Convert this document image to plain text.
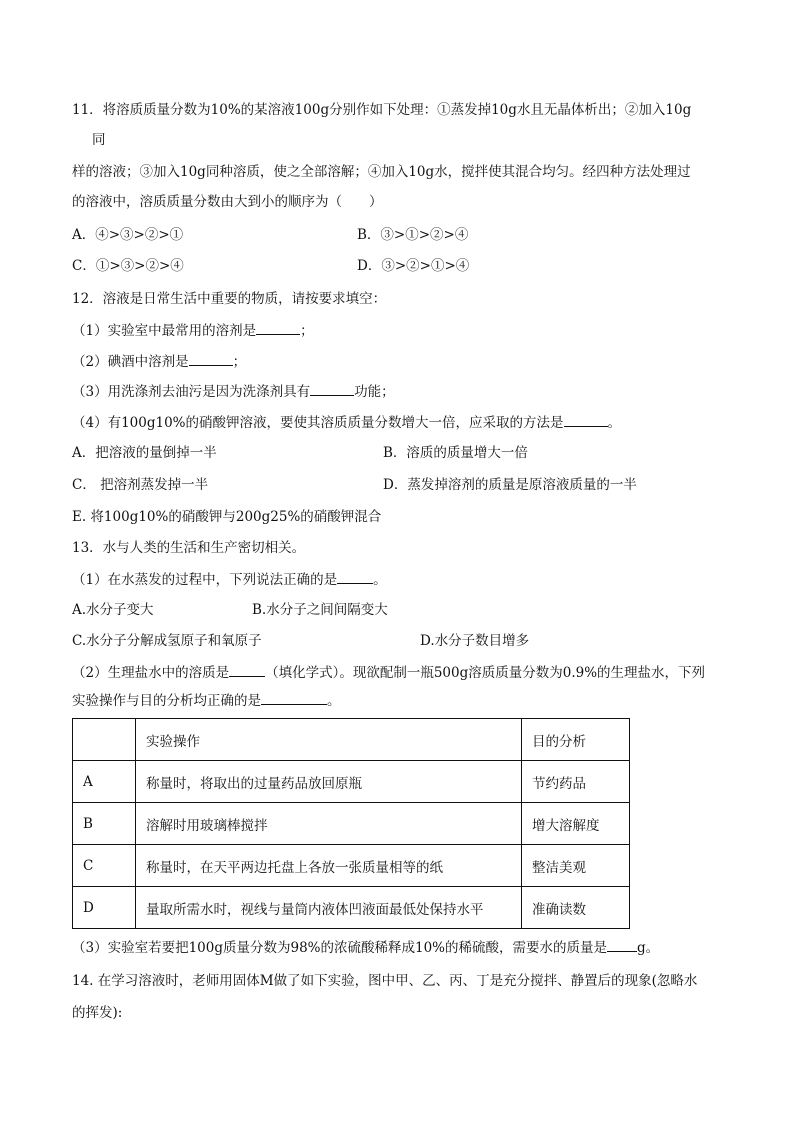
11．将溶质质量分数为10%的某溶液100g分别作如下处理：①蒸发掉10g水且无晶体析出；②加入10g
同
样的溶液；③加入10g同种溶质，使之全部溶解；④加入10g水，搅拌使其混合均匀。经四种方法处理过
的溶液中，溶质质量分数由大到小的顺序为（　　）
A．④>③>②>①	B．③>①>②>④
C．①>③>②>④	D．③>②>①>④
12．溶液是日常生活中重要的物质，请按要求填空：
（1）实验室中最常用的溶剂是	；
（2）碘酒中溶剂是	；
（3）用洗涤剂去油污是因为洗涤剂具有	功能；
（4）有100g10%的硝酸钾溶液，要使其溶质质量分数增大一倍，应采取的方法是	。
A．把溶液的量倒掉一半	B．溶质的质量增大一倍
C． 把溶剂蒸发掉一半	D．蒸发掉溶剂的质量是原溶液质量的一半
E. 将100g10%的硝酸钾与200g25%的硝酸钾混合
13．水与人类的生活和生产密切相关。
（1）在水蒸发的过程中，下列说法正确的是	。
A.水分子变大	B.水分子之间间隔变大
C.水分子分解成氢原子和氧原子	D.水分子数目增多
（2）生理盐水中的溶质是	（填化学式）。现欲配制一瓶500g溶质质量分数为0.9%的生理盐水，下列
实验操作与目的分析均正确的是	。
	实验操作	目的分析
A	称量时，将取出的过量药品放回原瓶	节约药品
B	溶解时用玻璃棒搅拌	增大溶解度
C	称量时，在天平两边托盘上各放一张质量相等的纸	整洁美观
D	量取所需水时，视线与量筒内液体凹液面最低处保持水平	准确读数
（3）实验室若要把100g质量分数为98%的浓硫酸稀释成10%的稀硫酸，需要水的质量是 g。
14. 在学习溶液时，老师用固体M做了如下实验，图中甲、乙、丙、丁是充分搅拌、静置后的现象(忽略水
的挥发):
